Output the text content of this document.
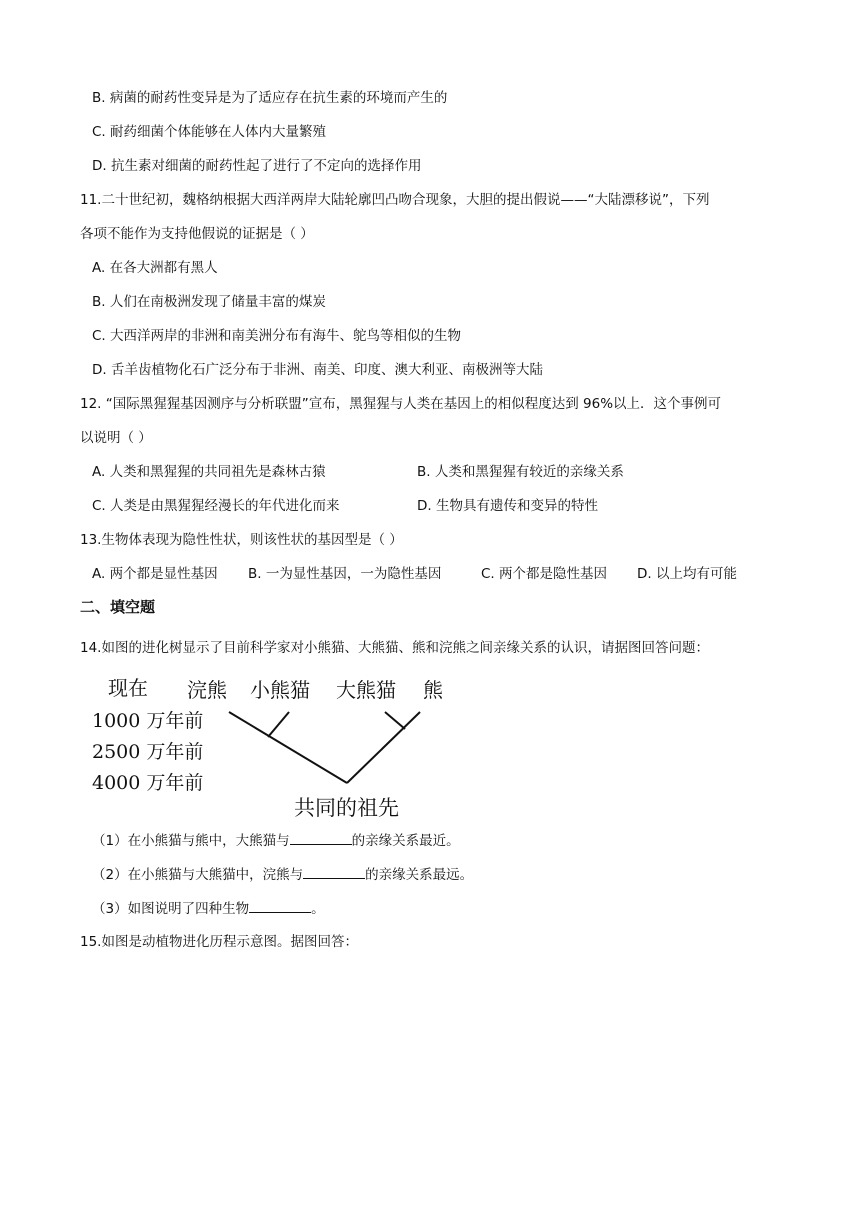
B. 病菌的耐药性变异是为了适应存在抗生素的环境而产生的
C. 耐药细菌个体能够在人体内大量繁殖
D. 抗生素对细菌的耐药性起了进行了不定向的选择作用
11.二十世纪初，魏格纳根据大西洋两岸大陆轮廓凹凸吻合现象，大胆的提出假说——“大陆漂移说”，下列
各项不能作为支持他假说的证据是（ ）
A. 在各大洲都有黑人
B. 人们在南极洲发现了储量丰富的煤炭
C. 大西洋两岸的非洲和南美洲分布有海牛、鸵鸟等相似的生物
D. 舌羊齿植物化石广泛分布于非洲、南美、印度、澳大利亚、南极洲等大陆
12. “国际黑猩猩基因测序与分析联盟”宣布，黑猩猩与人类在基因上的相似程度达到 96%以上．这个事例可
以说明（ ）
A. 人类和黑猩猩的共同祖先是森林古猿	B. 人类和黑猩猩有较近的亲缘关系
C. 人类是由黑猩猩经漫长的年代进化而来	D. 生物具有遗传和变异的特性
13.生物体表现为隐性性状，则该性状的基因型是（ ）
A. 两个都是显性基因 B. 一为显性基因，一为隐性基因	C. 两个都是隐性基因 D. 以上均有可能
二、填空题
14.如图的进化树显示了目前科学家对小熊猫、大熊猫、熊和浣熊之间亲缘关系的认识，请据图回答问题：
现在 浣熊 小熊猫 大熊猫 熊
1000 万年前
2500 万年前
4000 万年前
共同的祖先
（1）在小熊猫与熊中，大熊猫与	的亲缘关系最近。
（2）在小熊猫与大熊猫中，浣熊与	的亲缘关系最远。
（3）如图说明了四种生物	。
15.如图是动植物进化历程示意图。据图回答：
